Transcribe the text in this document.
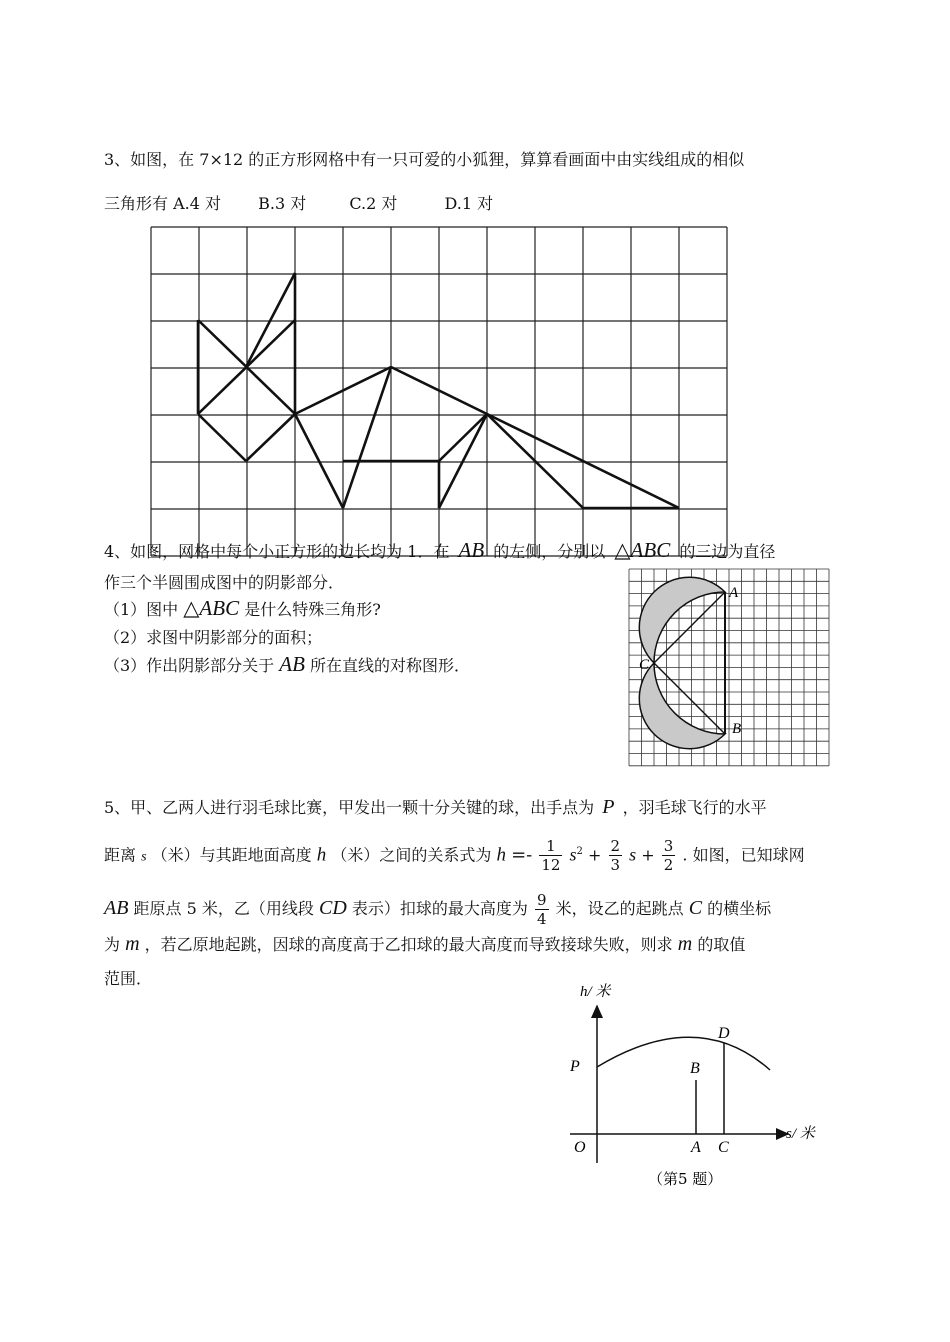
3、如图，在 7×12 的正方形网格中有一只可爱的小狐狸，算算看画面中由实线组成的相似
三角形有 A.4 对 B.3 对	C.2 对	D.1 对
4、如图，网格中每个小正方形的边长均为 1．在 AB 的左侧，分别以 △ABC 的三边为直径
作三个半圆围成图中的阴影部分．
（1）图中 △ABC 是什么特殊三角形?
（2）求图中阴影部分的面积；
（3）作出阴影部分关于 AB 所在直线的对称图形．
A
B
C
5、甲、乙两人进行羽毛球比赛，甲发出一颗十分关键的球，出手点为 P ，羽毛球飞行的水平
距离 s （米）与其距地面高度 h （米）之间的关系式为 $h =- \frac{1}{12} s^2 + \frac{2}{3}$ $s + \frac{3}{2}$ . 如图，已知球网
AB 距原点 5 米，乙（用线段 CD 表示）扣球的最大高度为 $\frac{9}{4}$ 米，设乙的起跳点 C 的横坐标
为 m ，若乙原地起跳，因球的高度高于乙扣球的最大高度而导致接球失败，则求 m 的取值
范围．
h/ 米
s/ 米
P	B
D
O	A C
（第5 题）
